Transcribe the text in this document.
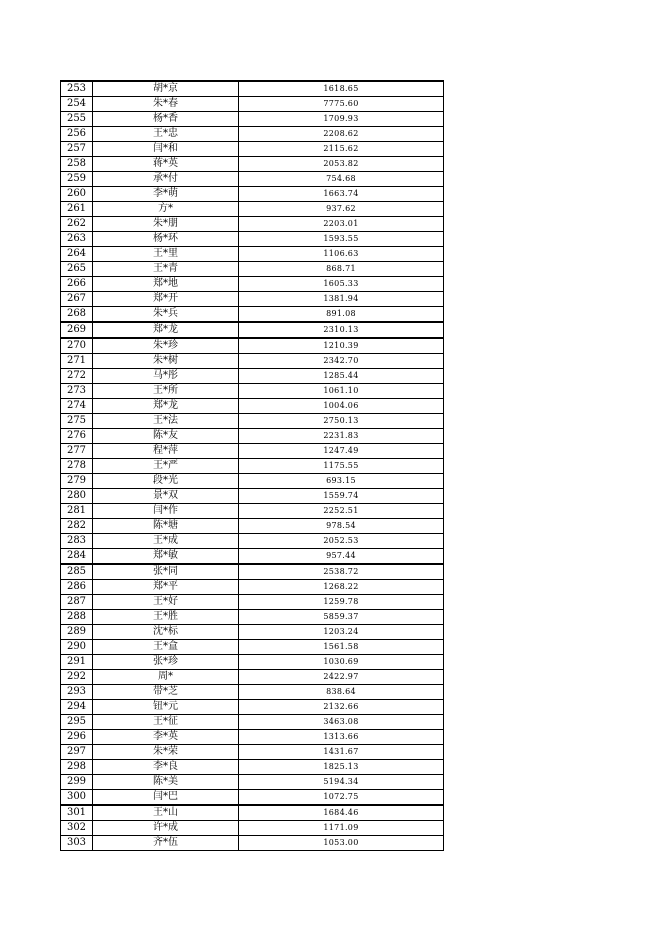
253	胡*京	1618.65
254	朱*春	7775.60
255	杨*香	1709.93
256	王*忠	2208.62
257	闫*和	2115.62
258	蒋*英	2053.82
259	承*付	754.68
260	李*萌	1663.74
261	方*	937.62
262	朱*朋	2203.01
263	杨*环	1593.55
264	王*里	1106.63
265	王*青	868.71
266	郑*地	1605.33
267	郑*开	1381.94
268	朱*兵	891.08
269	郑*龙	2310.13
270	朱*珍	1210.39
271	朱*树	2342.70
272	马*彤	1285.44
273	王*所	1061.10
274	郑*龙	1004.06
275	王*法	2750.13
276	陈*友	2231.83
277	程*萍	1247.49
278	王*严	1175.55
279	段*光	693.15
280	景*双	1559.74
281	闫*作	2252.51
282	陈*塘	978.54
283	王*成	2052.53
284	郑*敏	957.44
285	张*同	2538.72
286	郑*平	1268.22
287	王*好	1259.78
288	王*胜	5859.37
289	沈*标	1203.24
290	王*盒	1561.58
291	张*珍	1030.69
292	周*	2422.97
293	带*芝	838.64
294	钮*元	2132.66
295	王*征	3463.08
296	李*英	1313.66
297	朱*荣	1431.67
298	李*良	1825.13
299	陈*美	5194.34
300	闫*巴	1072.75
301	王*山	1684.46
302	许*成	1171.09
303	齐*伍	1053.00
